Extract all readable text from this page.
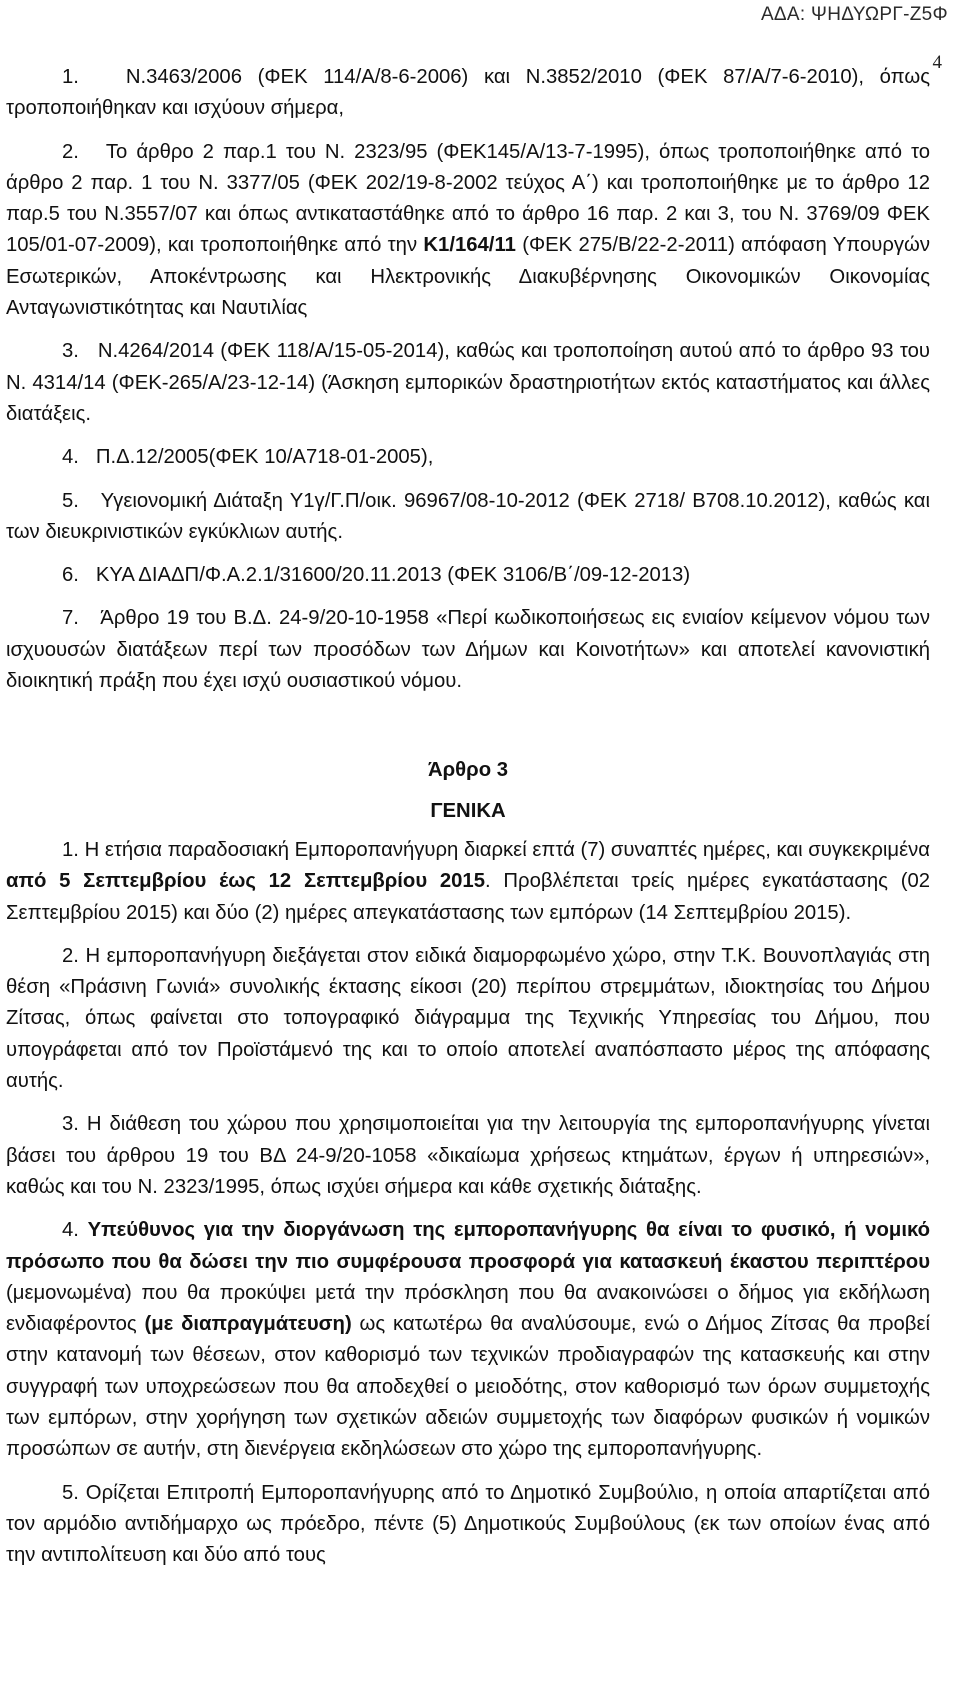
ΑΔΑ: ΨΗΔΥΩΡΓ-Ζ5Φ
4

1.   Ν.3463/2006 (ΦΕΚ 114/Α/8-6-2006) και Ν.3852/2010 (ΦΕΚ 87/Α/7-6-2010), όπως τροποποιήθηκαν και ισχύουν σήμερα,

2.   Το άρθρο 2 παρ.1 του Ν. 2323/95 (ΦΕΚ145/Α/13-7-1995), όπως τροποποιήθηκε από το άρθρο 2 παρ. 1 του Ν. 3377/05 (ΦΕΚ 202/19-8-2002 τεύχος Α΄) και τροποποιήθηκε με το άρθρο 12 παρ.5 του Ν.3557/07 και όπως αντικαταστάθηκε από το άρθρο 16 παρ. 2 και 3, του Ν. 3769/09 ΦΕΚ 105/01-07-2009), και τροποποιήθηκε από την Κ1/164/11 (ΦΕΚ 275/Β/22-2-2011) απόφαση Υπουργών Εσωτερικών, Αποκέντρωσης και Ηλεκτρονικής Διακυβέρνησης Οικονομικών Οικονομίας Ανταγωνιστικότητας και Ναυτιλίας

3.   Ν.4264/2014 (ΦΕΚ 118/Α/15-05-2014), καθώς και τροποποίηση αυτού από το άρθρο 93 του Ν. 4314/14 (ΦΕΚ-265/Α/23-12-14) (Άσκηση εμπορικών δραστηριοτήτων εκτός καταστήματος και άλλες διατάξεις.

4.   Π.Δ.12/2005(ΦΕΚ 10/Α718-01-2005),

5.   Υγειονομική Διάταξη Υ1γ/Γ.Π/οικ. 96967/08-10-2012 (ΦΕΚ 2718/ Β708.10.2012), καθώς και των διευκρινιστικών εγκύκλιων αυτής.

6.   ΚΥΑ ΔΙΑΔΠ/Φ.Α.2.1/31600/20.11.2013 (ΦΕΚ 3106/Β΄/09-12-2013)

7.   Άρθρο 19 του Β.Δ. 24-9/20-10-1958 «Περί κωδικοποιήσεως εις ενιαίον κείμενον νόμου των ισχυουσών διατάξεων περί των προσόδων των Δήμων και Κοινοτήτων» και αποτελεί κανονιστική διοικητική πράξη που έχει ισχύ ουσιαστικού νόμου.

Άρθρο 3

ΓΕΝΙΚΑ

1. Η ετήσια παραδοσιακή Εμποροπανήγυρη διαρκεί επτά (7) συναπτές ημέρες, και συγκεκριμένα από 5 Σεπτεμβρίου έως 12 Σεπτεμβρίου 2015. Προβλέπεται τρείς ημέρες εγκατάστασης (02 Σεπτεμβρίου 2015) και δύο (2) ημέρες απεγκατάστασης των εμπόρων (14 Σεπτεμβρίου 2015).

2. Η εμποροπανήγυρη διεξάγεται στον ειδικά διαμορφωμένο χώρο, στην Τ.Κ. Βουνοπλαγιάς στη θέση «Πράσινη Γωνιά» συνολικής έκτασης είκοσι (20) περίπου στρεμμάτων, ιδιοκτησίας του Δήμου Ζίτσας, όπως φαίνεται στο τοπογραφικό διάγραμμα της Τεχνικής Υπηρεσίας του Δήμου, που υπογράφεται από τον Προϊστάμενό της και το οποίο αποτελεί αναπόσπαστο μέρος της απόφασης αυτής.

3. Η διάθεση του χώρου που χρησιμοποιείται για την λειτουργία της εμποροπανήγυρης γίνεται βάσει του άρθρου 19 του ΒΔ 24-9/20-1058 «δικαίωμα χρήσεως κτημάτων, έργων ή υπηρεσιών», καθώς και του Ν. 2323/1995, όπως ισχύει σήμερα και κάθε σχετικής διάταξης.

4. Υπεύθυνος για την διοργάνωση της εμποροπανήγυρης θα είναι το φυσικό, ή νομικό πρόσωπο που θα δώσει την πιο συμφέρουσα προσφορά για κατασκευή έκαστου περιπτέρου (μεμονωμένα) που θα προκύψει μετά την πρόσκληση που θα ανακοινώσει ο δήμος για εκδήλωση ενδιαφέροντος (με διαπραγμάτευση) ως κατωτέρω θα αναλύσουμε, ενώ ο Δήμος Ζίτσας θα προβεί στην κατανομή των θέσεων, στον καθορισμό των τεχνικών προδιαγραφών της κατασκευής και στην συγγραφή των υποχρεώσεων που θα αποδεχθεί ο μειοδότης, στον καθορισμό των όρων συμμετοχής των εμπόρων, στην χορήγηση των σχετικών αδειών συμμετοχής των διαφόρων φυσικών ή νομικών προσώπων σε αυτήν, στη διενέργεια εκδηλώσεων στο χώρο της εμποροπανήγυρης.

5. Ορίζεται Επιτροπή Εμποροπανήγυρης από το Δημοτικό Συμβούλιο, η οποία απαρτίζεται από τον αρμόδιο αντιδήμαρχο ως πρόεδρο, πέντε (5) Δημοτικούς Συμβούλους (εκ των οποίων ένας από την αντιπολίτευση και δύο από τους
